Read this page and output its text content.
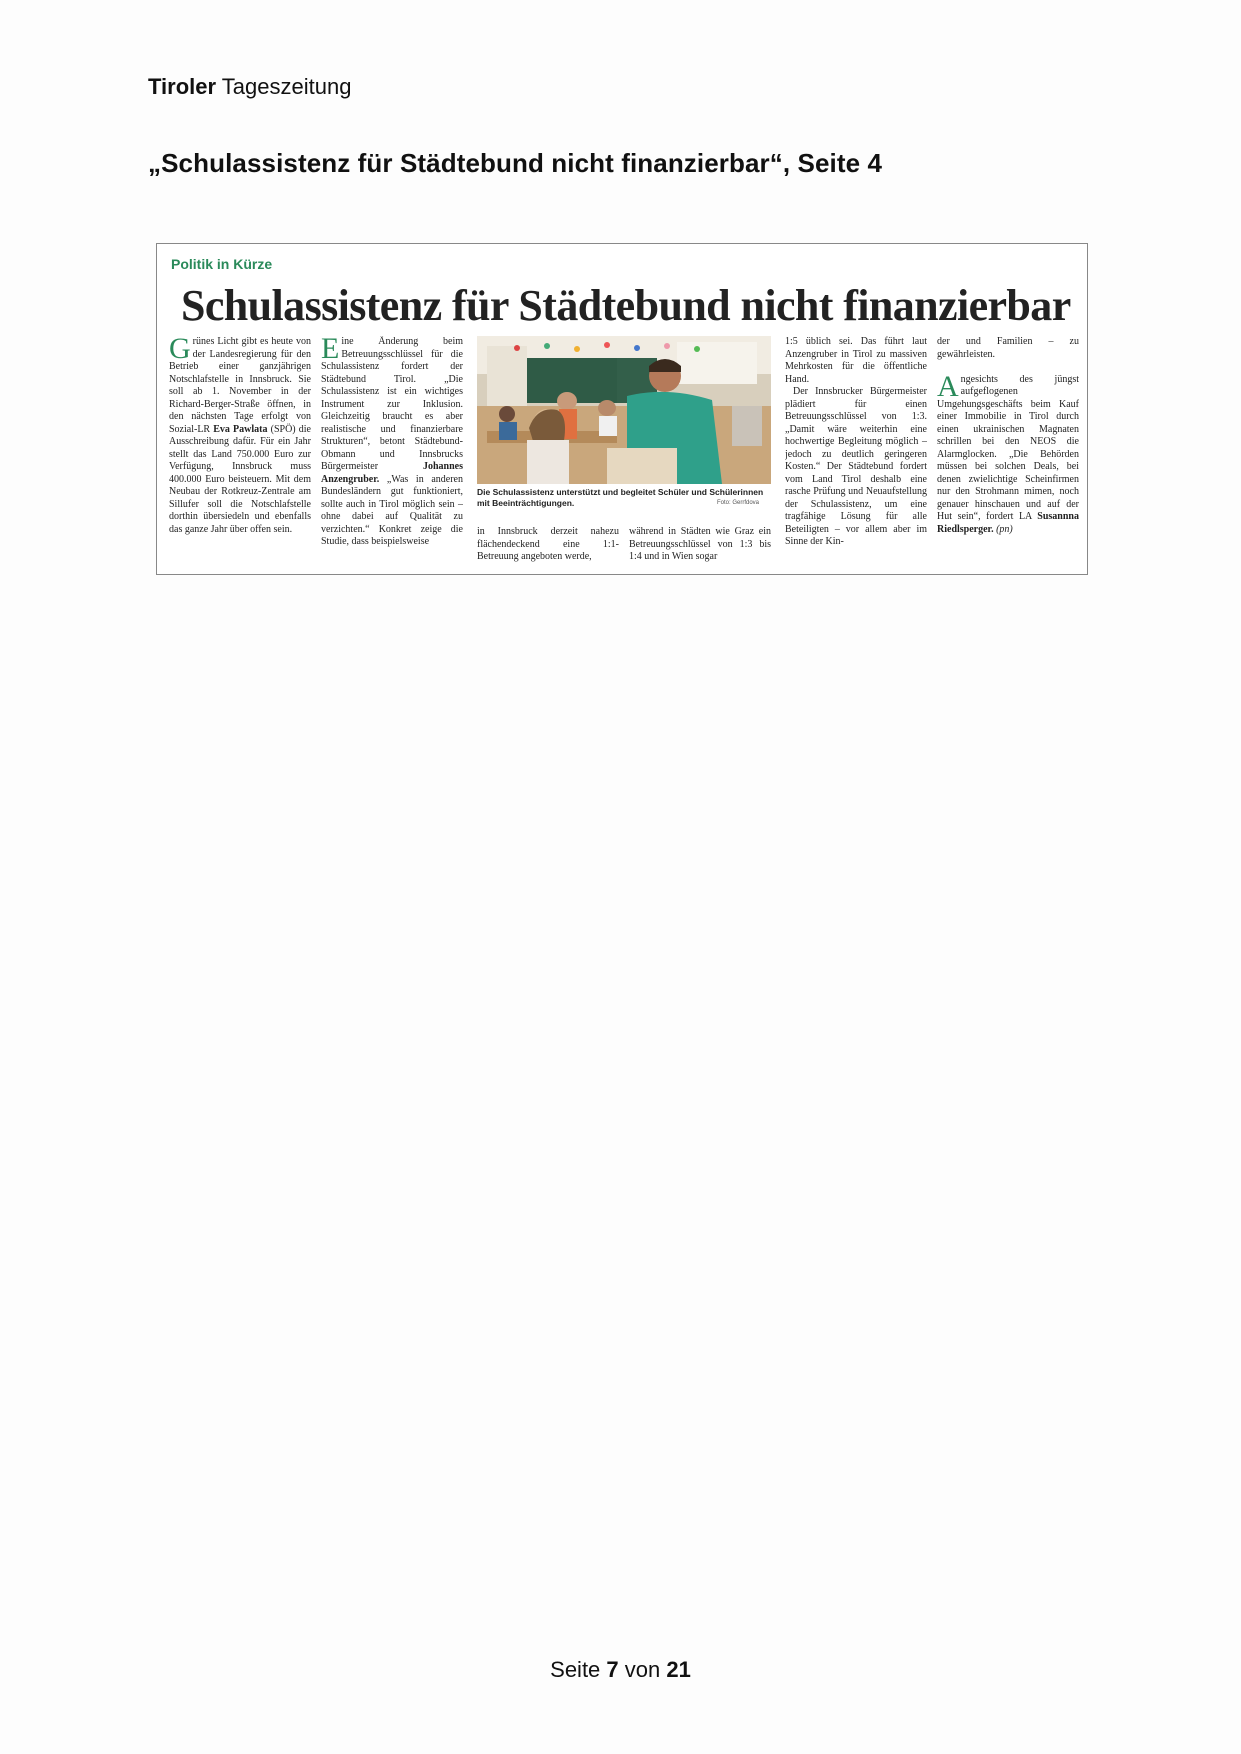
Tiroler Tageszeitung
„Schulassistenz für Städtebund nicht finanzierbar“, Seite 4
Politik in Kürze
Schulassistenz für Städtebund nicht finanzierbar
Grünes Licht gibt es heute von der Landesregierung für den Betrieb einer ganzjährigen Notschlafstelle in Innsbruck. Sie soll ab 1. November in der Richard-Berger-Straße öffnen, in den nächsten Tage erfolgt von Sozial-LR Eva Pawlata (SPÖ) die Ausschreibung dafür. Für ein Jahr stellt das Land 750.000 Euro zur Verfügung, Innsbruck muss 400.000 Euro beisteuern. Mit dem Neubau der Rotkreuz-Zentrale am Sillufer soll die Notschlafstelle dorthin übersiedeln und ebenfalls das ganze Jahr über offen sein.
Eine Änderung beim Betreuungsschlüssel für die Schulassistenz fordert der Städtebund Tirol. „Die Schulassistenz ist ein wichtiges Instrument zur Inklusion. Gleichzeitig braucht es aber realistische und finanzierbare Strukturen“, betont Städtebund-Obmann und Innsbrucks Bürgermeister Johannes Anzengruber. „Was in anderen Bundesländern gut funktioniert, sollte auch in Tirol möglich sein – ohne dabei auf Qualität zu verzichten.“ Konkret zeige die Studie, dass beispielsweise
Die Schulassistenz unterstützt und begleitet Schüler und Schülerinnen mit Beeinträchtigungen.	Foto: Gerrfdova
in Innsbruck derzeit nahezu flächendeckend eine 1:1-Betreuung angeboten werde,
während in Städten wie Graz ein Betreuungsschlüssel von 1:3 bis 1:4 und in Wien sogar
1:5 üblich sei. Das führt laut Anzengruber in Tirol zu massiven Mehrkosten für die öffentliche Hand.
Der Innsbrucker Bürgermeister plädiert für einen Betreuungsschlüssel von 1:3. „Damit wäre weiterhin eine hochwertige Begleitung möglich – jedoch zu deutlich geringeren Kosten.“ Der Städtebund fordert vom Land Tirol deshalb eine rasche Prüfung und Neuaufstellung der Schulassistenz, um eine tragfähige Lösung für alle Beteiligten – vor allem aber im Sinne der Kin-
der und Familien – zu gewährleisten.

A ngesichts des jüngst aufgeflogenen Umgehungsgeschäfts beim Kauf einer Immobilie in Tirol durch einen ukrainischen Magnaten schrillen bei den NEOS die Alarmglocken. „Die Behörden müssen bei solchen Deals, bei denen zwielichtige Scheinfirmen nur den Strohmann mimen, noch genauer hinschauen und auf der Hut sein“, fordert LA Susannna Riedlsperger. (pn)
Seite 7 von 21
